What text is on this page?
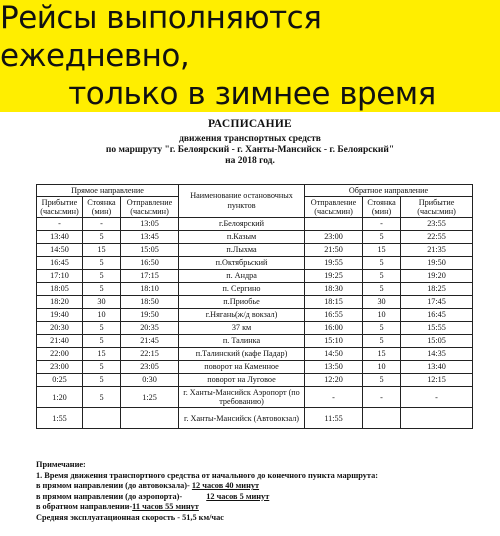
Рейсы выполняются ежедневно,
только в зимнее время
РАСПИСАНИЕ
движения транспортных средств
по маршруту "г. Белоярский - г. Ханты-Мансийск - г. Белоярский"
на 2018 год.
Прямое направление			Наименование остановочных пунктов	Обратное направление		
Прибытие (часы:мин)	Стоянка (мин)	Отправление (часы:мин)		Отправление (часы:мин)	Стоянка (мин)	Прибытие (часы:мин)
-	-	13:05	г.Белоярский		-	23:55
13:40	5	13:45	п.Казым	23:00	5	22:55
14:50	15	15:05	п.Лыхма	21:50	15	21:35
16:45	5	16:50	п.Октябрьский	19:55	5	19:50
17:10	5	17:15	п. Андра	19:25	5	19:20
18:05	5	18:10	п. Сергино	18:30	5	18:25
18:20	30	18:50	п.Приобье	18:15	30	17:45
19:40	10	19:50	г.Нягань(ж/д вокзал)	16:55	10	16:45
20:30	5	20:35	37 км	16:00	5	15:55
21:40	5	21:45	п. Талинка	15:10	5	15:05
22:00	15	22:15	п.Талинский (кафе Падар)	14:50	15	14:35
23:00	5	23:05	поворот на Каменное	13:50	10	13:40
0:25	5	0:30	поворот на Луговое	12:20	5	12:15
1:20	5	1:25	г. Ханты-Мансийск Аэропорт (по требованию)	-	-	-
1:55			г. Ханты-Мансийск (Автовокзал)	11:55		
Примечание:
1. Время движения транспортного средства от начального до конечного пункта маршрута:
в прямом направлении (до автовокзала)- 12 часов 40 минут
в прямом направлении (до аэропорта)-	12 часов 5 минут
в обратном направлении-11 часов 55 минут
Средняя эксплуатационная скорость - 51,5 км/час
